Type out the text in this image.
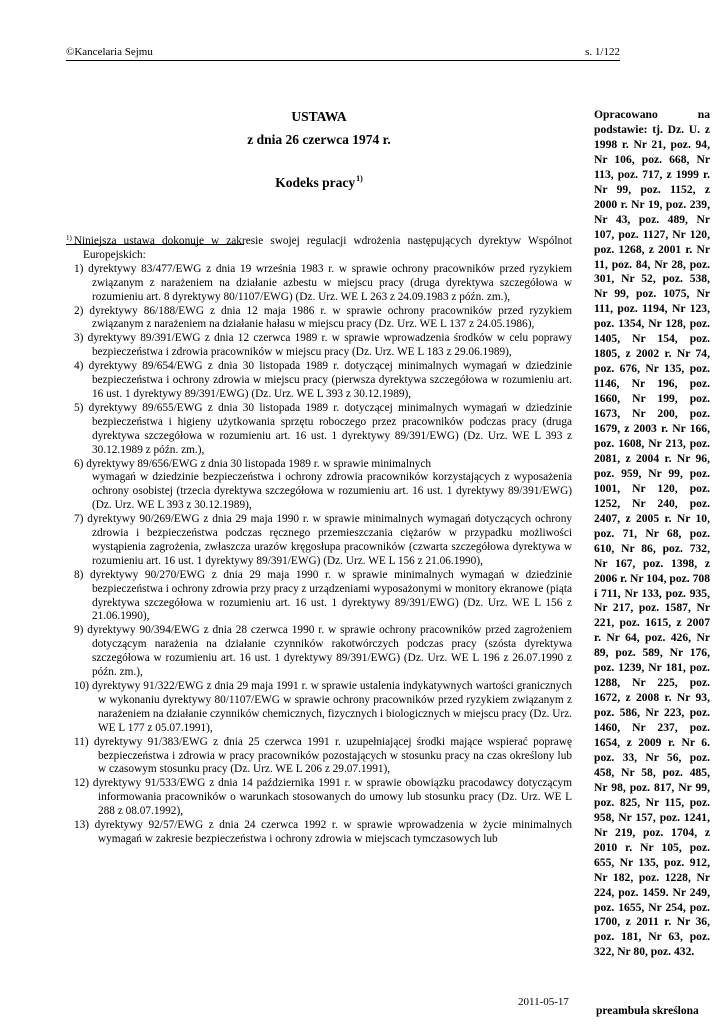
©Kancelaria Sejmu	s. 1/122
USTAWA
z dnia 26 czerwca 1974 r.
Kodeks pracy$^{1)}$

$^{1)}$ Niniejsza ustawa dokonuje w zakresie swojej regulacji wdrożenia następujących dyrektyw Wspólnot Europejskich:

1) dyrektywy 83/477/EWG z dnia 19 września 1983 r. w sprawie ochrony pracowników przed ryzykiem związanym z narażeniem na działanie azbestu w miejscu pracy (druga dyrektywa szczegółowa w rozumieniu art. 8 dyrektywy 80/1107/EWG) (Dz. Urz. WE L 263 z 24.09.1983 z późn. zm.),

2) dyrektywy 86/188/EWG z dnia 12 maja 1986 r. w sprawie ochrony pracowników przed ryzykiem związanym z narażeniem na działanie hałasu w miejscu pracy (Dz. Urz. WE L 137 z 24.05.1986),

3) dyrektywy 89/391/EWG z dnia 12 czerwca 1989 r. w sprawie wprowadzenia środków w celu poprawy bezpieczeństwa i zdrowia pracowników w miejscu pracy (Dz. Urz. WE L 183 z 29.06.1989),

4) dyrektywy 89/654/EWG z dnia 30 listopada 1989 r. dotyczącej minimalnych wymagań w dziedzinie bezpieczeństwa i ochrony zdrowia w miejscu pracy (pierwsza dyrektywa szczegółowa w rozumieniu art. 16 ust. 1 dyrektywy 89/391/EWG) (Dz. Urz. WE L 393 z 30.12.1989),

5) dyrektywy 89/655/EWG z dnia 30 listopada 1989 r. dotyczącej minimalnych wymagań w dziedzinie bezpieczeństwa i higieny użytkowania sprzętu roboczego przez pracowników podczas pracy (druga dyrektywa szczegółowa w rozumieniu art. 16 ust. 1 dyrektywy 89/391/EWG) (Dz. Urz. WE L 393 z 30.12.1989 z późn. zm.),

6) dyrektywy 89/656/EWG z dnia 30 listopada 1989 r. w sprawie minimalnych

wymagań w dziedzinie bezpieczeństwa i ochrony zdrowia pracowników korzystających z wyposażenia ochrony osobistej (trzecia dyrektywa szczegółowa w rozumieniu art. 16 ust. 1 dyrektywy 89/391/EWG) (Dz. Urz. WE L 393 z 30.12.1989),

7) dyrektywy 90/269/EWG z dnia 29 maja 1990 r. w sprawie minimalnych wymagań dotyczących ochrony zdrowia i bezpieczeństwa podczas ręcznego przemieszczania ciężarów w przypadku możliwości wystąpienia zagrożenia, zwłaszcza urazów kręgosłupa pracowników (czwarta szczegółowa dyrektywa w rozumieniu art. 16 ust. 1 dyrektywy 89/391/EWG) (Dz. Urz. WE L 156 z 21.06.1990),

8) dyrektywy 90/270/EWG z dnia 29 maja 1990 r. w sprawie minimalnych wymagań w dziedzinie bezpieczeństwa i ochrony zdrowia przy pracy z urządzeniami wyposażonymi w monitory ekranowe (piąta dyrektywa szczegółowa w rozumieniu art. 16 ust. 1 dyrektywy 89/391/EWG) (Dz. Urz. WE L 156 z 21.06.1990),

9) dyrektywy 90/394/EWG z dnia 28 czerwca 1990 r. w sprawie ochrony pracowników przed zagrożeniem dotyczącym narażenia na działanie czynników rakotwórczych podczas pracy (szósta dyrektywa szczegółowa w rozumieniu art. 16 ust. 1 dyrektywy 89/391/EWG) (Dz. Urz. WE L 196 z 26.07.1990 z późn. zm.),

10) dyrektywy 91/322/EWG z dnia 29 maja 1991 r. w sprawie ustalenia indykatywnych wartości granicznych w wykonaniu dyrektywy 80/1107/EWG w sprawie ochrony pracowników przed ryzykiem związanym z narażeniem na działanie czynników chemicznych, fizycznych i biologicznych w miejscu pracy (Dz. Urz. WE L 177 z 05.07.1991),

11) dyrektywy 91/383/EWG z dnia 25 czerwca 1991 r. uzupełniającej środki mające wspierać poprawę bezpieczeństwa i zdrowia w pracy pracowników pozostających w stosunku pracy na czas określony lub w czasowym stosunku pracy (Dz. Urz. WE L 206 z 29.07.1991),

12) dyrektywy 91/533/EWG z dnia 14 października 1991 r. w sprawie obowiązku pracodawcy dotyczącym informowania pracowników o warunkach stosowanych do umowy lub stosunku pracy (Dz. Urz. WE L 288 z 08.07.1992),

13) dyrektywy 92/57/EWG z dnia 24 czerwca 1992 r. w sprawie wprowadzenia w życie minimalnych wymagań w zakresie bezpieczeństwa i ochrony zdrowia w miejscach tymczasowych lub

2011-05-17
Opracowano na podstawie: tj. Dz. U. z 1998 r. Nr 21, poz. 94, Nr 106, poz. 668, Nr 113, poz. 717, z 1999 r. Nr 99, poz. 1152, z 2000 r. Nr 19, poz. 239, Nr 43, poz. 489, Nr 107, poz. 1127, Nr 120, poz. 1268, z 2001 r. Nr 11, poz. 84, Nr 28, poz. 301, Nr 52, poz. 538, Nr 99, poz. 1075, Nr 111, poz. 1194, Nr 123, poz. 1354, Nr 128, poz. 1405, Nr 154, poz. 1805, z 2002 r. Nr 74, poz. 676, Nr 135, poz. 1146, Nr 196, poz. 1660, Nr 199, poz. 1673, Nr 200, poz. 1679, z 2003 r. Nr 166, poz. 1608, Nr 213, poz. 2081, z 2004 r. Nr 96, poz. 959, Nr 99, poz. 1001, Nr 120, poz. 1252, Nr 240, poz. 2407, z 2005 r. Nr 10, poz. 71, Nr 68, poz. 610, Nr 86, poz. 732, Nr 167, poz. 1398, z 2006 r. Nr 104, poz. 708 i 711, Nr 133, poz. 935, Nr 217, poz. 1587, Nr 221, poz. 1615, z 2007 r. Nr 64, poz. 426, Nr 89, poz. 589, Nr 176, poz. 1239, Nr 181, poz. 1288, Nr 225, poz. 1672, z 2008 r. Nr 93, poz. 586, Nr 223, poz. 1460, Nr 237, poz. 1654, z 2009 r. Nr 6. poz. 33, Nr 56, poz. 458, Nr 58, poz. 485, Nr 98, poz. 817, Nr 99, poz. 825, Nr 115, poz. 958, Nr 157, poz. 1241, Nr 219, poz. 1704, z 2010 r. Nr 105, poz. 655, Nr 135, poz. 912, Nr 182, poz. 1228, Nr 224, poz. 1459. Nr 249, poz. 1655, Nr 254, poz. 1700, z 2011 r. Nr 36, poz. 181, Nr 63, poz. 322, Nr 80, poz. 432.
preambuła skreślona
